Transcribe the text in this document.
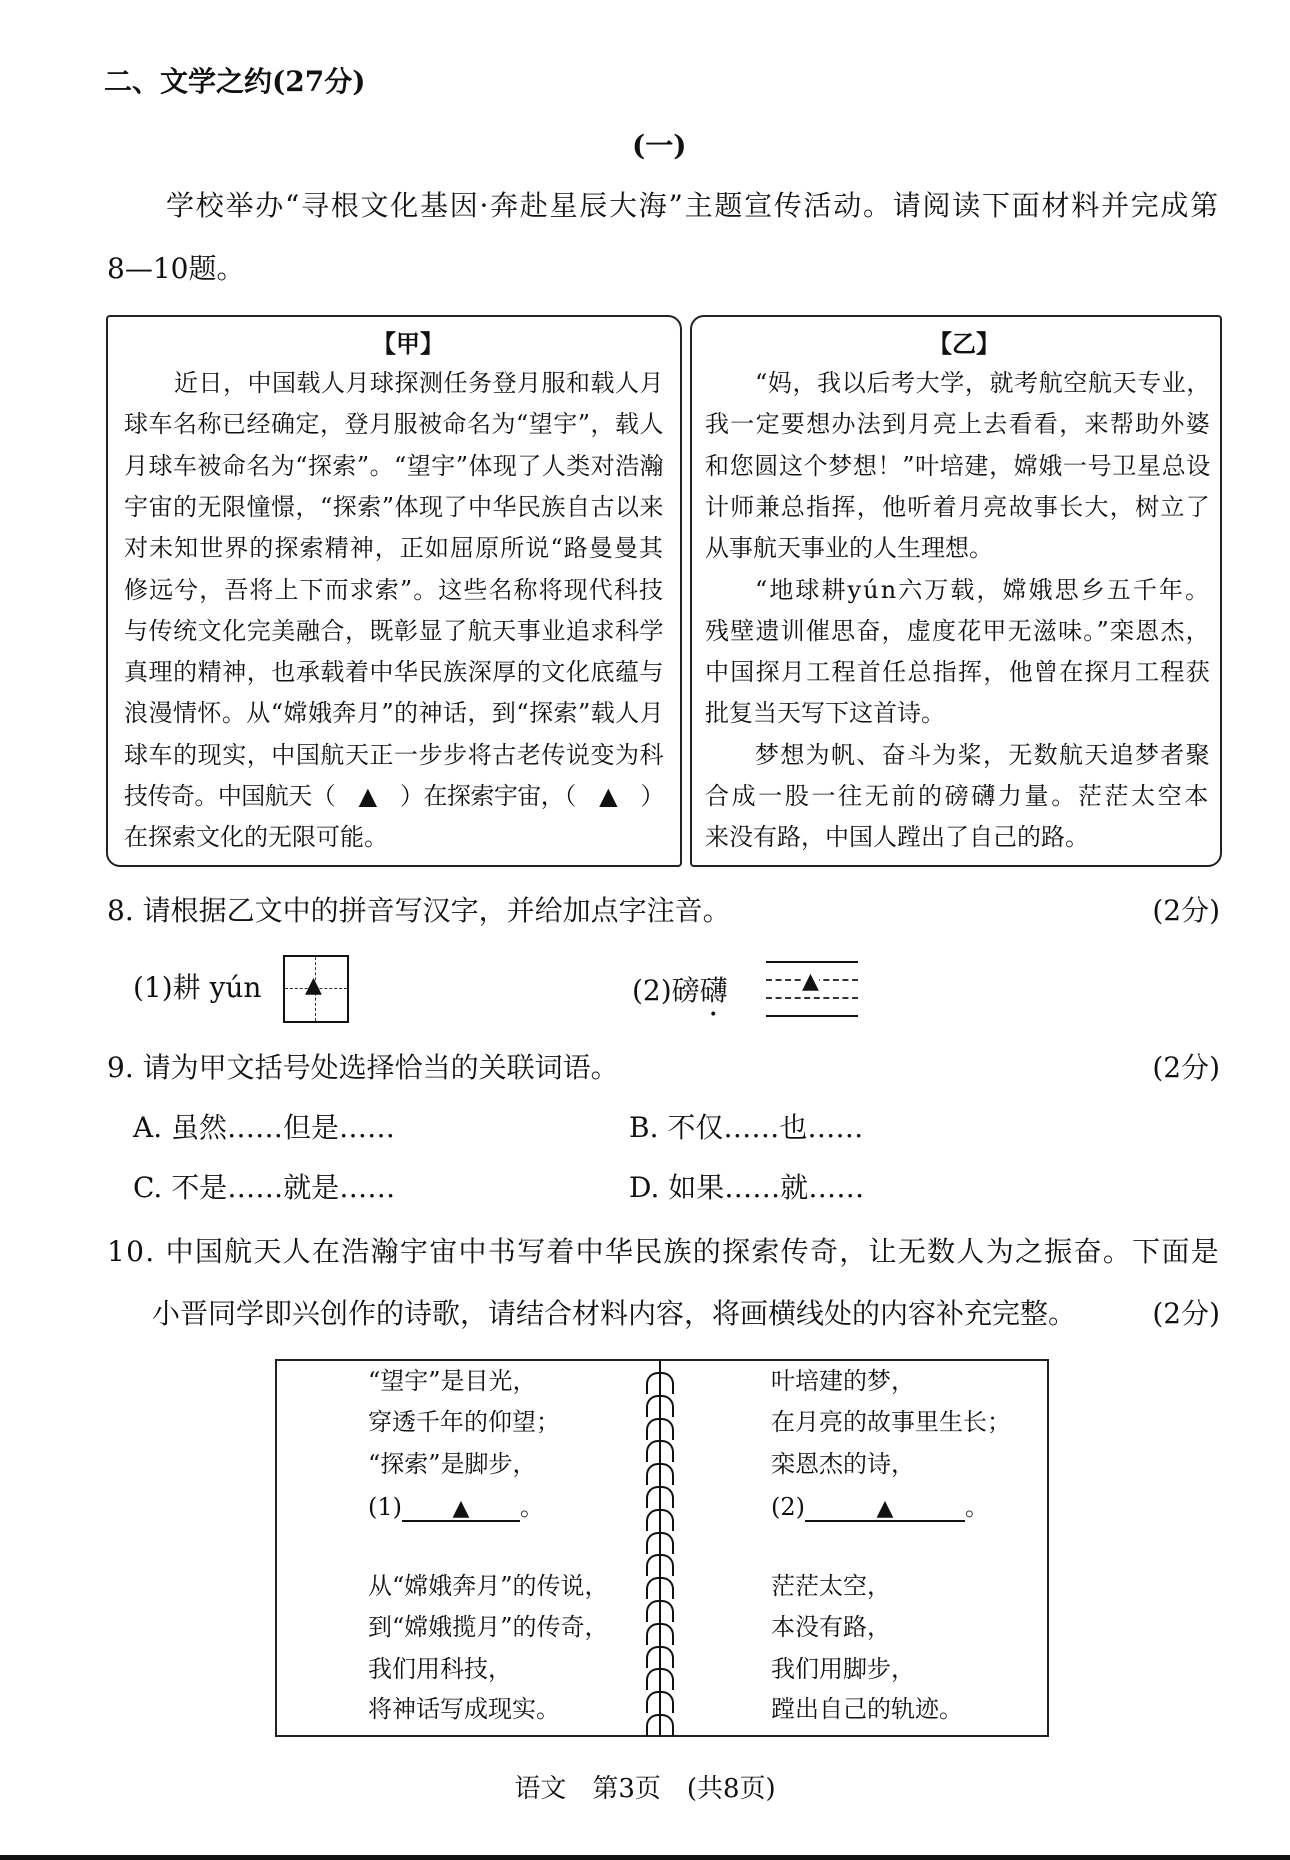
二、文学之约(27分)
(一)
学校举办“寻根文化基因·奔赴星辰大海”主题宣传活动。请阅读下面材料并完成第
8—10题。
【甲】
近日，中国载人月球探测任务登月服和载人月
球车名称已经确定，登月服被命名为“望宇”，载人
月球车被命名为“探索”。“望宇”体现了人类对浩瀚
宇宙的无限憧憬，“探索”体现了中华民族自古以来
对未知世界的探索精神，正如屈原所说“路曼曼其
修远兮，吾将上下而求索”。这些名称将现代科技
与传统文化完美融合，既彰显了航天事业追求科学
真理的精神，也承载着中华民族深厚的文化底蕴与
浪漫情怀。从“嫦娥奔月”的神话，到“探索”载人月
球车的现实，中国航天正一步步将古老传说变为科
技传奇。中国航天（　▲　）在探索宇宙，（　▲　）
在探索文化的无限可能。
【乙】
“妈，我以后考大学，就考航空航天专业，
我一定要想办法到月亮上去看看，来帮助外婆
和您圆这个梦想！”叶培建，嫦娥一号卫星总设
计师兼总指挥，他听着月亮故事长大，树立了
从事航天事业的人生理想。
“地球耕yún六万载，嫦娥思乡五千年。
残壁遗训催思奋，虚度花甲无滋味。”栾恩杰，
中国探月工程首任总指挥，他曾在探月工程获
批复当天写下这首诗。
梦想为帆、奋斗为桨，无数航天追梦者聚
合成一股一往无前的磅礴力量。茫茫太空本
来没有路，中国人蹚出了自己的路。
8. 请根据乙文中的拼音写汉字，并给加点字注音。	(2分)
(1)耕 yún ▲	(2)磅礴	▲
9. 请为甲文括号处选择恰当的关联词语。	(2分)
A. 虽然……但是……	B. 不仅……也……
C. 不是……就是……	D. 如果……就……
10. 中国航天人在浩瀚宇宙中书写着中华民族的探索传奇，让无数人为之振奋。下面是
小晋同学即兴创作的诗歌，请结合材料内容，将画横线处的内容补充完整。	(2分)
“望宇”是目光，
穿透千年的仰望；
“探索”是脚步，
(1) ▲ 。
从“嫦娥奔月”的传说，
到“嫦娥揽月”的传奇，
我们用科技，
将神话写成现实。
叶培建的梦，
在月亮的故事里生长；
栾恩杰的诗，
(2)	▲	。
茫茫太空，
本没有路，
我们用脚步，
蹚出自己的轨迹。
语文　第3页　(共8页)
